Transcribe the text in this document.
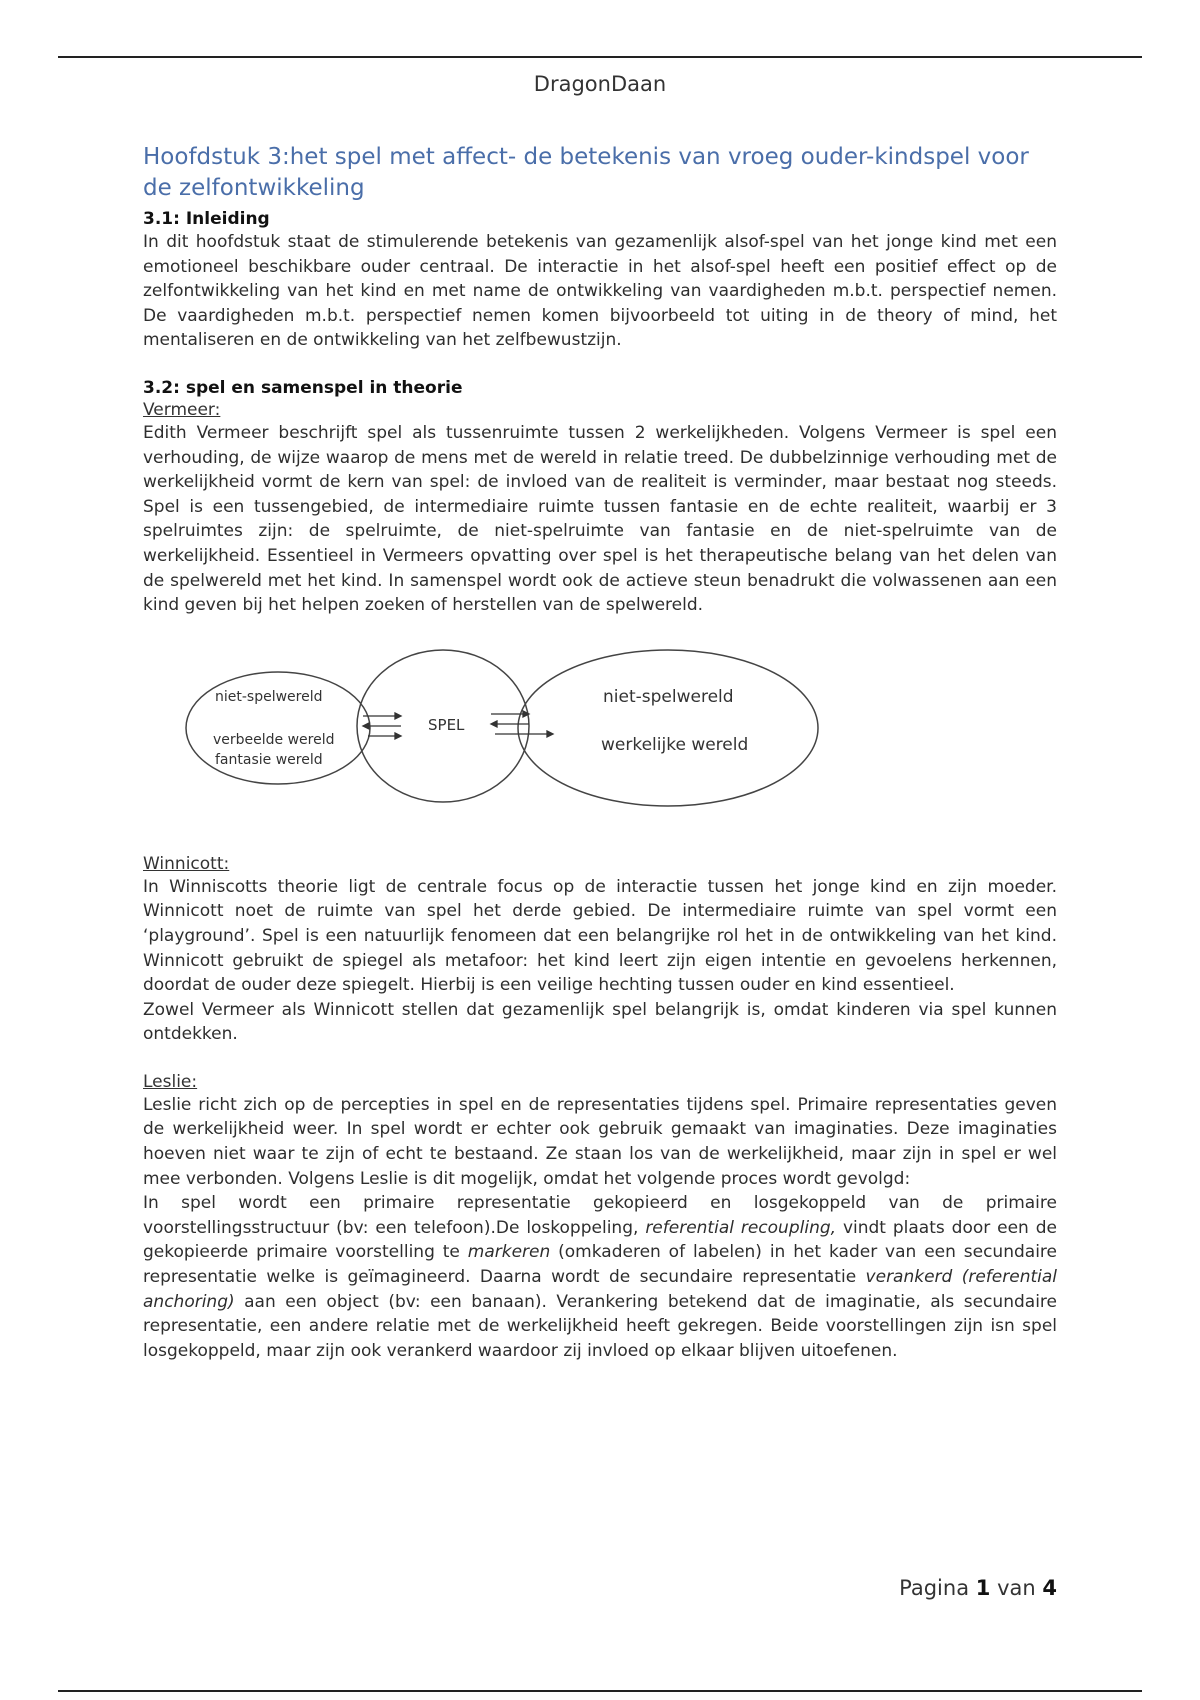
DragonDaan
Hoofdstuk 3:het spel met affect- de betekenis van vroeg ouder-kindspel voor de zelfontwikkeling
3.1: Inleiding

In dit hoofdstuk staat de stimulerende betekenis van gezamenlijk alsof-spel van het jonge kind met een emotioneel beschikbare ouder centraal. De interactie in het alsof-spel heeft een positief effect op de zelfontwikkeling van het kind en met name de ontwikkeling van vaardigheden m.b.t. perspectief nemen. De vaardigheden m.b.t. perspectief nemen komen bijvoorbeeld tot uiting in de theory of mind, het mentaliseren en de ontwikkeling van het zelfbewustzijn.

3.2: spel en samenspel in theorie
Vermeer:

Edith Vermeer beschrijft spel als tussenruimte tussen 2 werkelijkheden. Volgens Vermeer is spel een verhouding, de wijze waarop de mens met de wereld in relatie treed. De dubbelzinnige verhouding met de werkelijkheid vormt de kern van spel: de invloed van de realiteit is verminder, maar bestaat nog steeds. Spel is een tussengebied, de intermediaire ruimte tussen fantasie en de echte realiteit, waarbij er 3 spelruimtes zijn: de spelruimte, de niet-spelruimte van fantasie en de niet-spelruimte van de werkelijkheid. Essentieel in Vermeers opvatting over spel is het therapeutische belang van het delen van de spelwereld met het kind. In samenspel wordt ook de actieve steun benadrukt die volwassenen aan een kind geven bij het helpen zoeken of herstellen van de spelwereld.

niet-spelwereld
verbeelde wereld
fantasie wereld
SPEL
niet-spelwereld
werkelijke wereld
Winnicott:

In Winniscotts theorie ligt de centrale focus op de interactie tussen het jonge kind en zijn moeder. Winnicott noet de ruimte van spel het derde gebied. De intermediaire ruimte van spel vormt een ‘playground’. Spel is een natuurlijk fenomeen dat een belangrijke rol het in de ontwikkeling van het kind. Winnicott gebruikt de spiegel als metafoor: het kind leert zijn eigen intentie en gevoelens herkennen, doordat de ouder deze spiegelt. Hierbij is een veilige hechting tussen ouder en kind essentieel.

Zowel Vermeer als Winnicott stellen dat gezamenlijk spel belangrijk is, omdat kinderen via spel kunnen ontdekken.

Leslie:

Leslie richt zich op de percepties in spel en de representaties tijdens spel. Primaire representaties geven de werkelijkheid weer. In spel wordt er echter ook gebruik gemaakt van imaginaties. Deze imaginaties hoeven niet waar te zijn of echt te bestaand. Ze staan los van de werkelijkheid, maar zijn in spel er wel mee verbonden. Volgens Leslie is dit mogelijk, omdat het volgende proces wordt gevolgd:

In spel wordt een primaire representatie gekopieerd en losgekoppeld van de primaire voorstellingsstructuur (bv: een telefoon).De loskoppeling, referential recoupling, vindt plaats door een de gekopieerde primaire voorstelling te markeren (omkaderen of labelen) in het kader van een secundaire representatie welke is geïmagineerd. Daarna wordt de secundaire representatie verankerd (referential anchoring) aan een object (bv: een banaan). Verankering betekend dat de imaginatie, als secundaire representatie, een andere relatie met de werkelijkheid heeft gekregen. Beide voorstellingen zijn isn spel losgekoppeld, maar zijn ook verankerd waardoor zij invloed op elkaar blijven uitoefenen.

Pagina 1 van 4
